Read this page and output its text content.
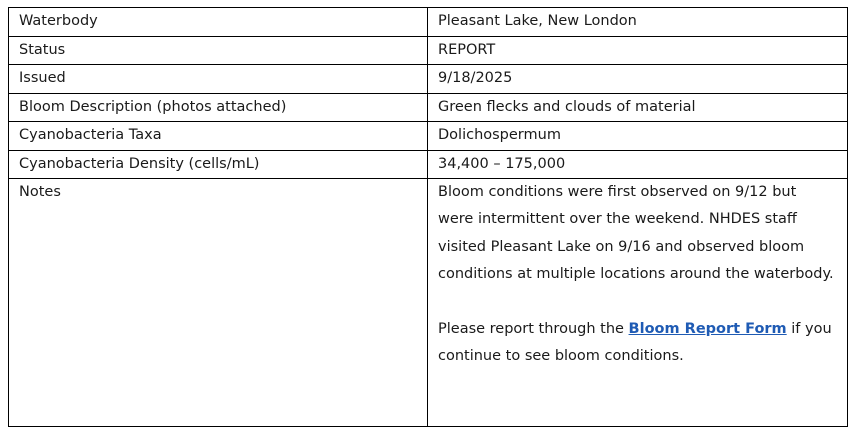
Waterbody	Pleasant Lake, New London
Status	REPORT
Issued	9/18/2025
Bloom Description (photos attached)	Green flecks and clouds of material
Cyanobacteria Taxa	Dolichospermum
Cyanobacteria Density (cells/mL)	34,400 – 175,000
Notes	Bloom conditions were first observed on 9/12 but were intermittent over the weekend. NHDES staff visited Pleasant Lake on 9/16 and observed bloom conditions at multiple locations around the waterbody.
Please report through the Bloom Report Form if you continue to see bloom conditions.
